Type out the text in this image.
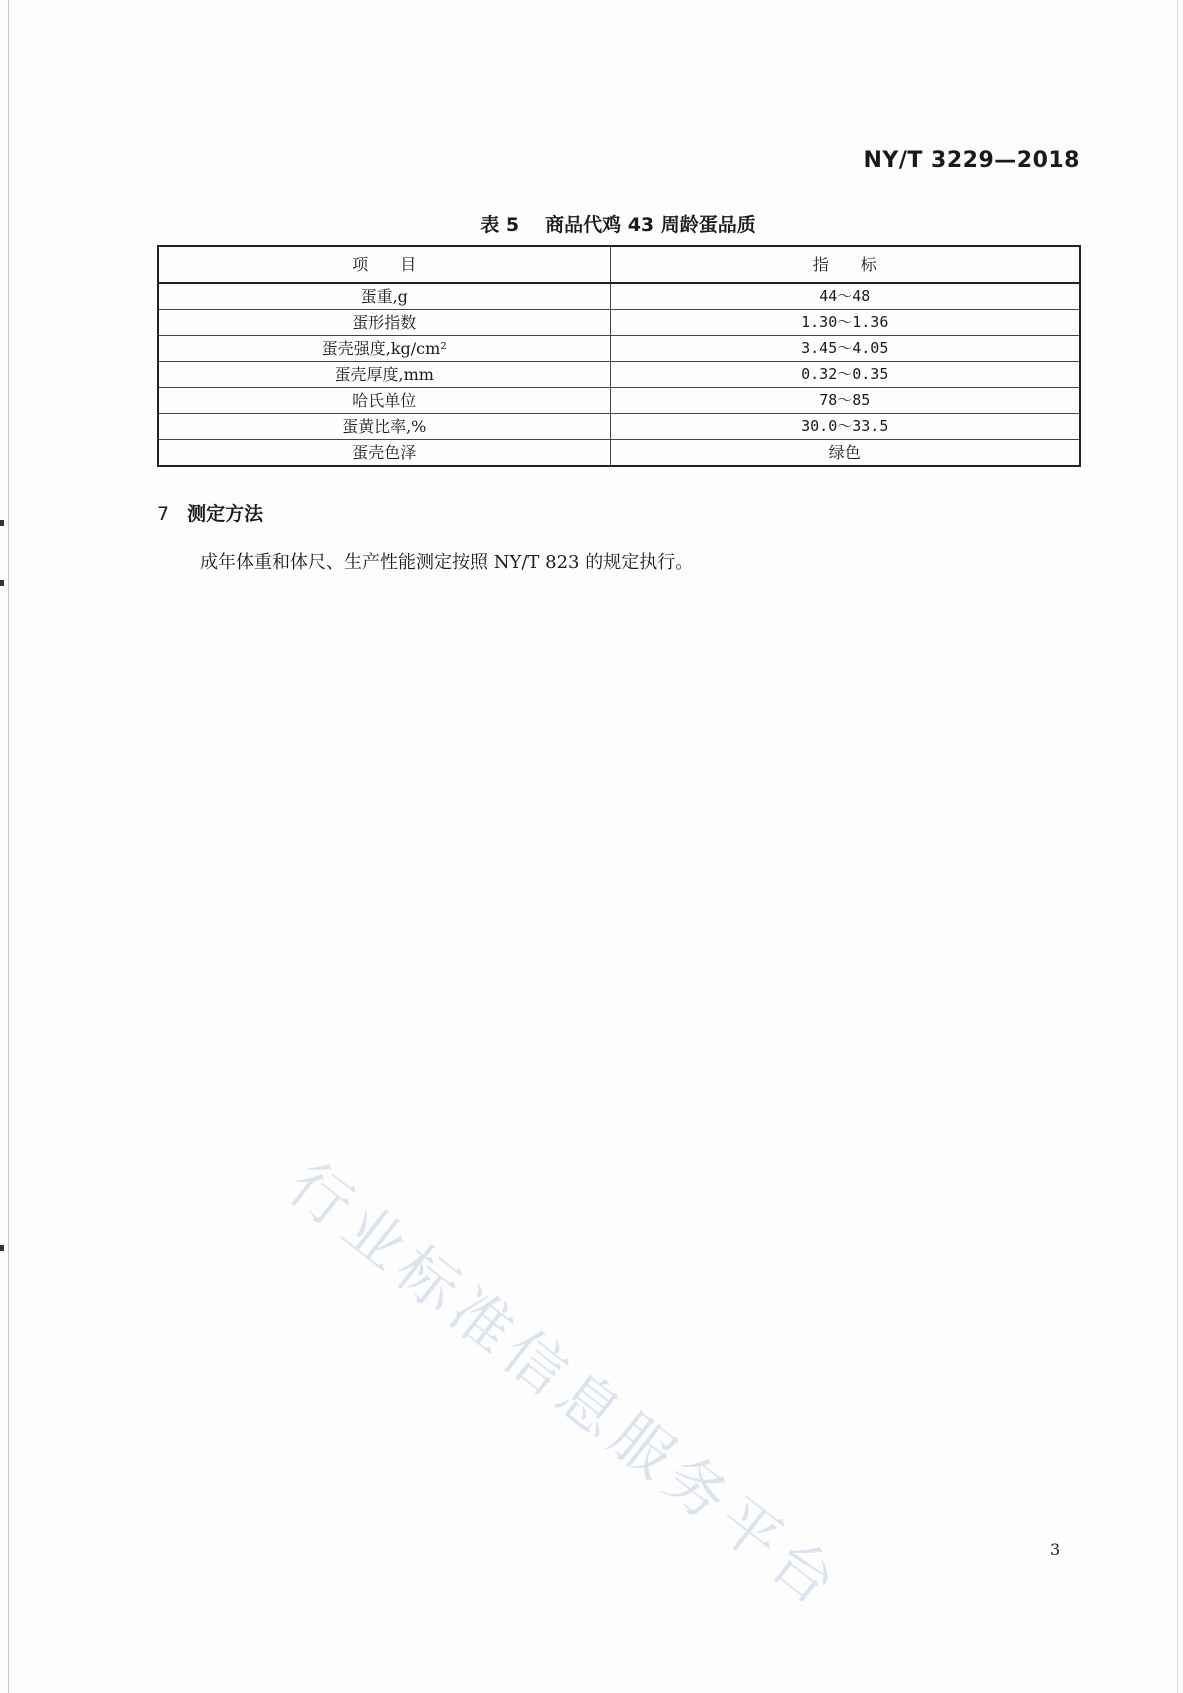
NY/T 3229—2018
表 5 商品代鸡 43 周龄蛋品质
项　　目	指　　标
蛋重,g	44～48
蛋形指数	1.30～1.36
蛋壳强度,kg/cm²	3.45～4.05
蛋壳厚度,mm	0.32～0.35
哈氏单位	78～85
蛋黄比率,%	30.0～33.5
蛋壳色泽	绿色
7 测定方法
成年体重和体尺、生产性能测定按照 NY/T 823 的规定执行。
行业标准信息服务平台	3
